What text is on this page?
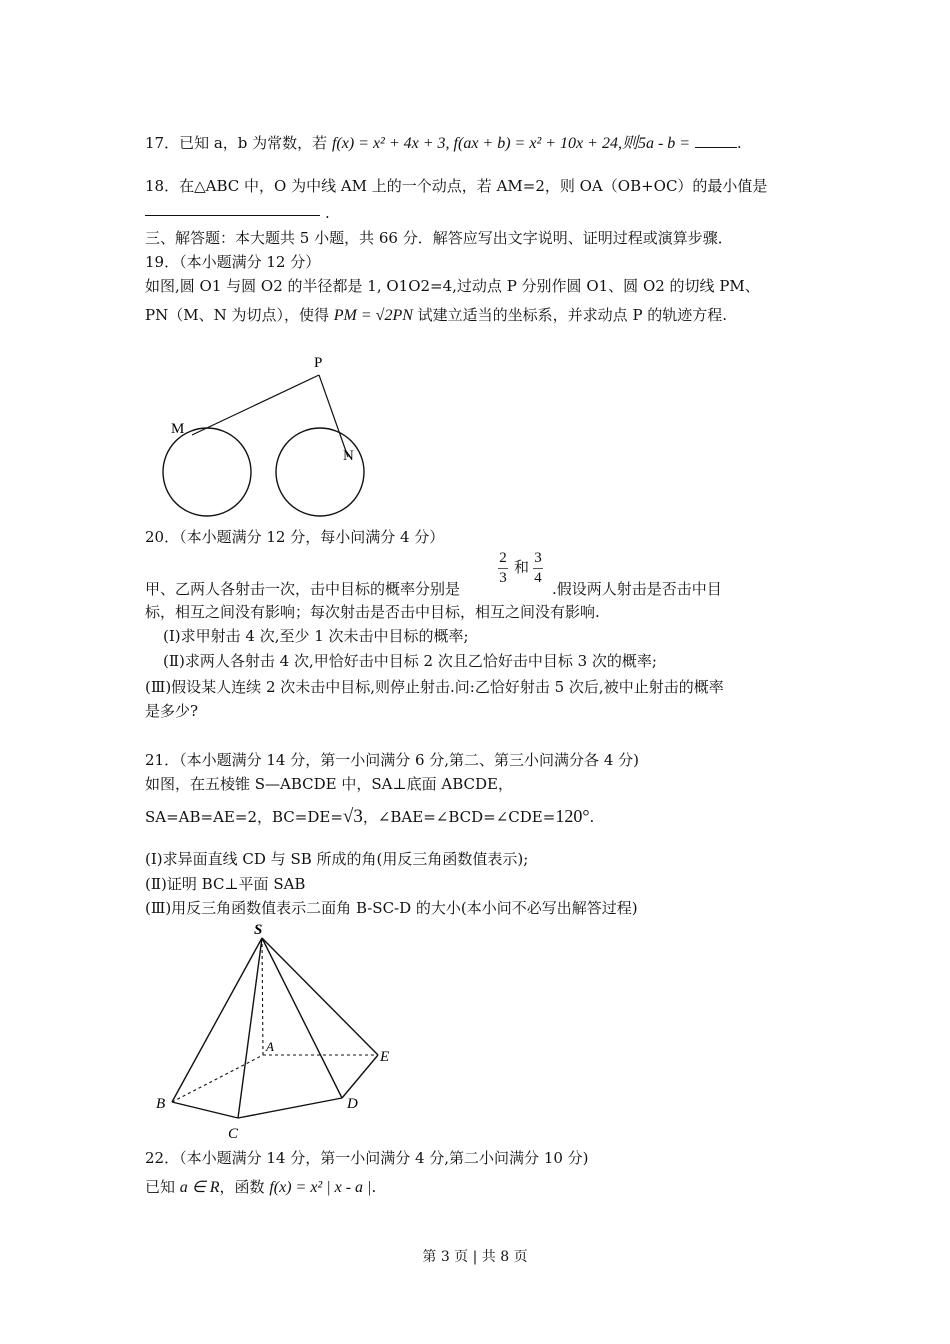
17．已知 a，b 为常数，若 f(x) = x² + 4x + 3, f(ax + b) = x² + 10x + 24,则5a - b =	.
18．在△ABC 中，O 为中线 AM 上的一个动点，若 AM=2，则 OA（OB+OC）的最小值是
.
三、解答题：本大题共 5 小题，共 66 分．解答应写出文字说明、证明过程或演算步骤．
19．（本小题满分 12 分）
如图,圆 O1 与圆 O2 的半径都是 1, O1O2=4,过动点 P 分别作圆 O1、圆 O2 的切线 PM、
PN（M、N 为切点），使得 PM = √2PN 试建立适当的坐标系，并求动点 P 的轨迹方程.
P
M
N
20．（本小题满分 12 分，每小问满分 4 分）
2
3
和 3
4
甲、乙两人各射击一次，击中目标的概率分别是	.假设两人射击是否击中目
标，相互之间没有影响；每次射击是否击中目标，相互之间没有影响.
(Ⅰ)求甲射击 4 次,至少 1 次未击中目标的概率;
(Ⅱ)求两人各射击 4 次,甲恰好击中目标 2 次且乙恰好击中目标 3 次的概率;
(Ⅲ)假设某人连续 2 次未击中目标,则停止射击.问:乙恰好射击 5 次后,被中止射击的概率
是多少?
21．（本小题满分 14 分，第一小问满分 6 分,第二、第三小问满分各 4 分)
如图，在五棱锥 S—ABCDE 中，SA⊥底面 ABCDE，
SA=AB=AE=2，BC=DE=√3，∠BAE=∠BCD=∠CDE=120°.
(Ⅰ)求异面直线 CD 与 SB 所成的角(用反三角函数值表示);
(Ⅱ)证明 BC⊥平面 SAB
(Ⅲ)用反三角函数值表示二面角 B-SC-D 的大小(本小问不必写出解答过程)
S
A
B
C
D
E
22．（本小题满分 14 分，第一小问满分 4 分,第二小问满分 10 分)
已知 a ∈ R，函数 f(x) = x² | x - a |.
第 3 页 | 共 8 页
